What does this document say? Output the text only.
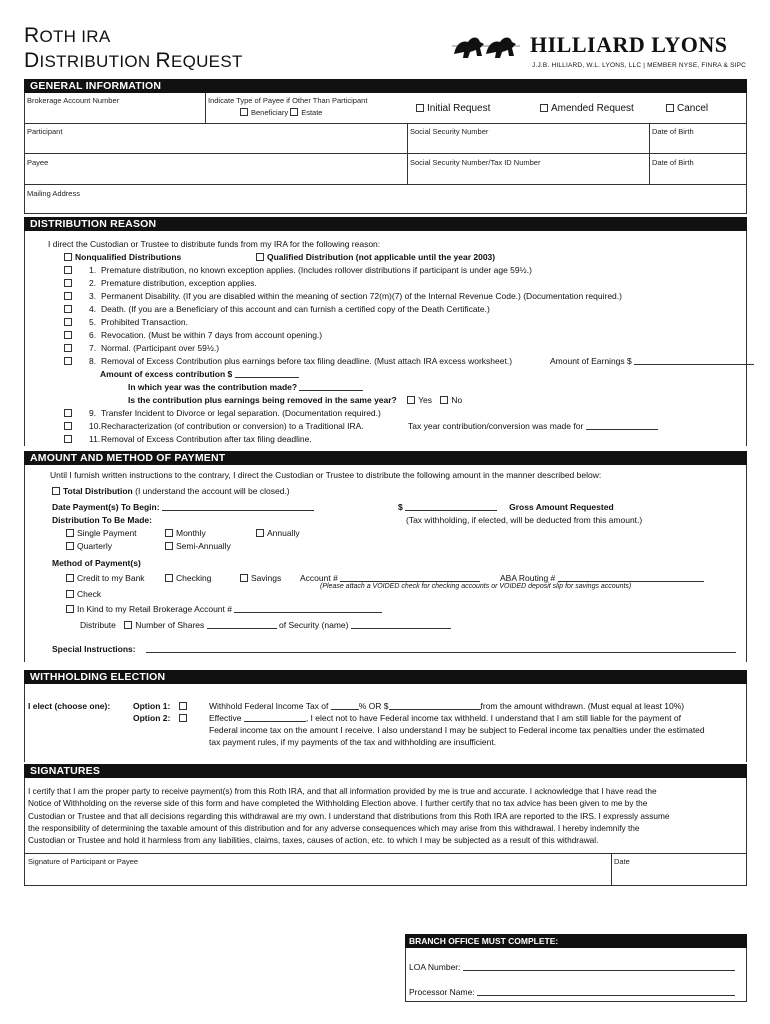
ROTH IRA
DISTRIBUTION REQUEST
HILLIARD LYONS
J.J.B. HILLIARD, W.L. LYONS, LLC | MEMBER NYSE, FINRA & SIPC
GENERAL INFORMATION
Brokerage Account Number	Indicate Type of Payee if Other Than Participant
Beneficiary Estate	Initial Request	Amended Request	Cancel
Participant	Social Security Number	Date of Birth
Payee	Social Security Number/Tax ID Number	Date of Birth
Mailing Address
DISTRIBUTION REASON
I direct the Custodian or Trustee to distribute funds from my IRA for the following reason:
Nonqualified Distributions	Qualified Distribution (not applicable until the year 2003)
1. Premature distribution, no known exception applies. (Includes rollover distributions if participant is under age 59½.)
2. Premature distribution, exception applies.
3. Permanent Disability. (If you are disabled within the meaning of section 72(m)(7) of the Internal Revenue Code.) (Documentation required.)
4. Death. (If you are a Beneficiary of this account and can furnish a certified copy of the Death Certificate.)
5. Prohibited Transaction.
6. Revocation. (Must be within 7 days from account opening.)
7. Normal. (Participant over 59½.)
8. Removal of Excess Contribution plus earnings before tax filing deadline. (Must attach IRA excess worksheet.)	Amount of Earnings $
Amount of excess contribution $
In which year was the contribution made?
Is the contribution plus earnings being removed in the same year?	Yes No
9. Transfer Incident to Divorce or legal separation. (Documentation required.)
10.Recharacterization (of contribution or conversion) to a Traditional IRA.	Tax year contribution/conversion was made for
11.Removal of Excess Contribution after tax filing deadline.
AMOUNT AND METHOD OF PAYMENT
Until I furnish written instructions to the contrary, I direct the Custodian or Trustee to distribute the following amount in the manner described below:
Total Distribution (I understand the account will be closed.)
Date Payment(s) To Begin:	$	Gross Amount Requested
(Tax withholding, if elected, will be deducted from this amount.)
Distribution To Be Made:
Single Payment	Monthly	Annually
Quarterly	Semi-Annually
Method of Payment(s)
Credit to my Bank	Checking	Savings Account #	ABA Routing #
(Please attach a VOIDED check for checking accounts or VOIDED deposit slip for savings accounts)
Check
In Kind to my Retail Brokerage Account #
Distribute Number of Shares	of Security (name)
Special Instructions:
WITHHOLDING ELECTION
I elect (choose one):	Option 1:
Option 2:
Withhold Federal Income Tax of	% OR $	from the amount withdrawn. (Must equal at least 10%)
Effective	, I elect not to have Federal income tax withheld. I understand that I am still liable for the payment of
Federal income tax on the amount I receive. I also understand I may be subject to Federal income tax penalties under the estimated
tax payment rules, if my payments of the tax and withholding are insufficient.
SIGNATURES
I certify that I am the proper party to receive payment(s) from this Roth IRA, and that all information provided by me is true and accurate. I acknowledge that I have read the
Notice of Withholding on the reverse side of this form and have completed the Withholding Election above. I further certify that no tax advice has been given to me by the
Custodian or Trustee and that all decisions regarding this withdrawal are my own. I understand that distributions from this Roth IRA are reported to the IRS. I expressly assume
the responsibility of determining the taxable amount of this distribution and for any adverse consequences which may arise from this withdrawal. I hereby indemnify the
Custodian or Trustee and hold it harmless from any liabilities, claims, taxes, causes of action, etc. to which I may be subjected as a result of this withdrawal.
Signature of Participant or Payee	Date
BRANCH OFFICE MUST COMPLETE:
LOA Number:
Processor Name:
